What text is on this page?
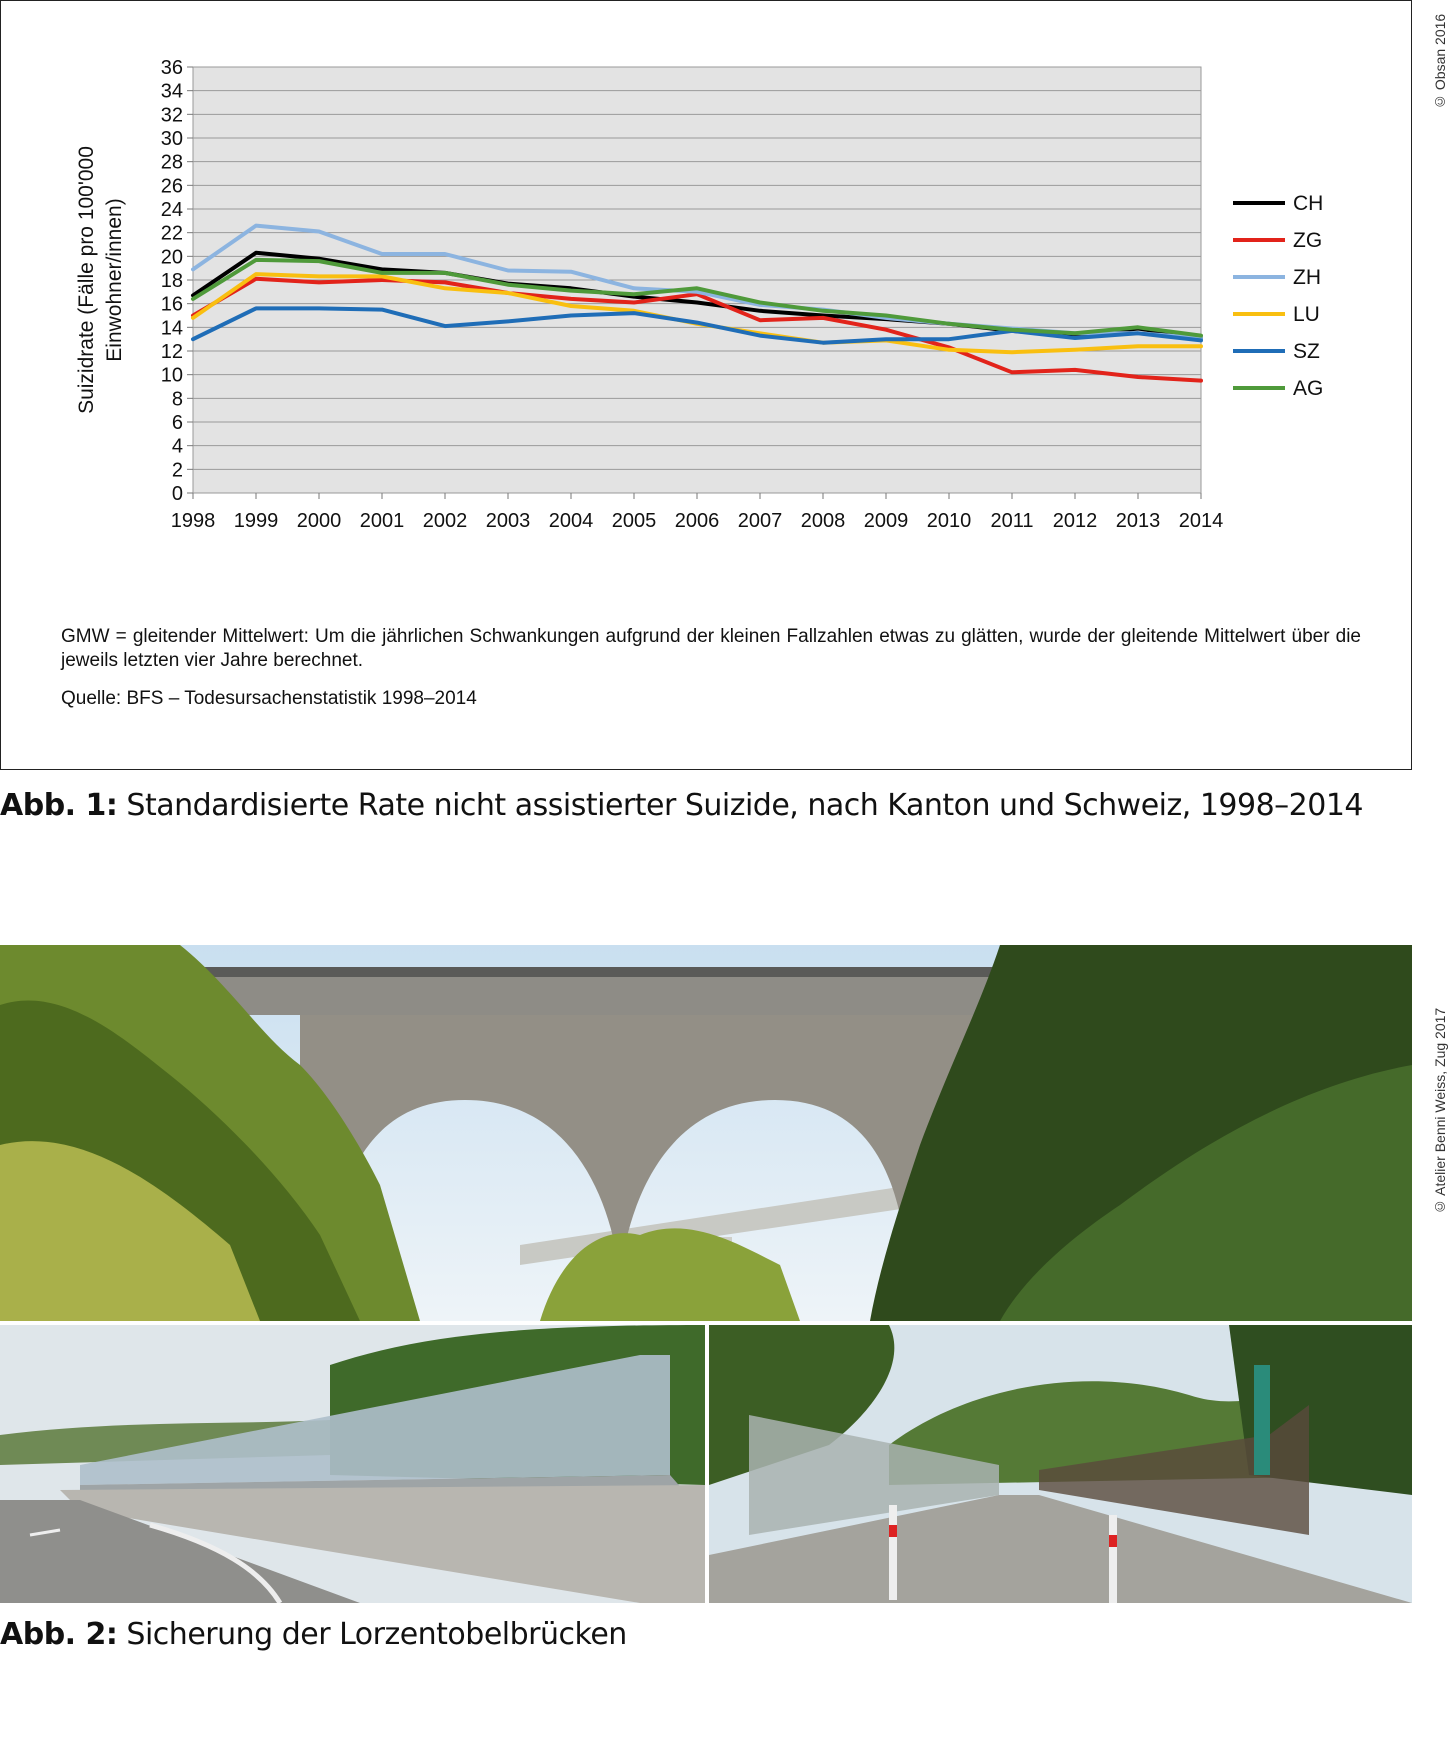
0
2
4
6
8
10
12
14
16
18
20
22
24
26
28
30
32
34
36
1998 1999 2000 2001 2002 2003 2004 2005 2006 2007 2008 2009 2010 2011 2012 2013 2014
CH
ZG
ZH
LU
SZ
AG
Suizidrate (Fälle pro 100'000 Einwohner/innen)
GMW = gleitender Mittelwert: Um die jährlichen Schwankungen aufgrund der kleinen Fallzahlen etwas zu glätten, wurde der gleitende Mittelwert über die jeweils letzten vier Jahre berechnet.
Quelle: BFS – Todesursachenstatistik 1998–2014
© Obsan 2016
Abb. 1: Standardisierte Rate nicht assistierter Suizide, nach Kanton und Schweiz, 1998–2014
© Atelier Benni Weiss, Zug 2017
Abb. 2: Sicherung der Lorzentobelbrücken
